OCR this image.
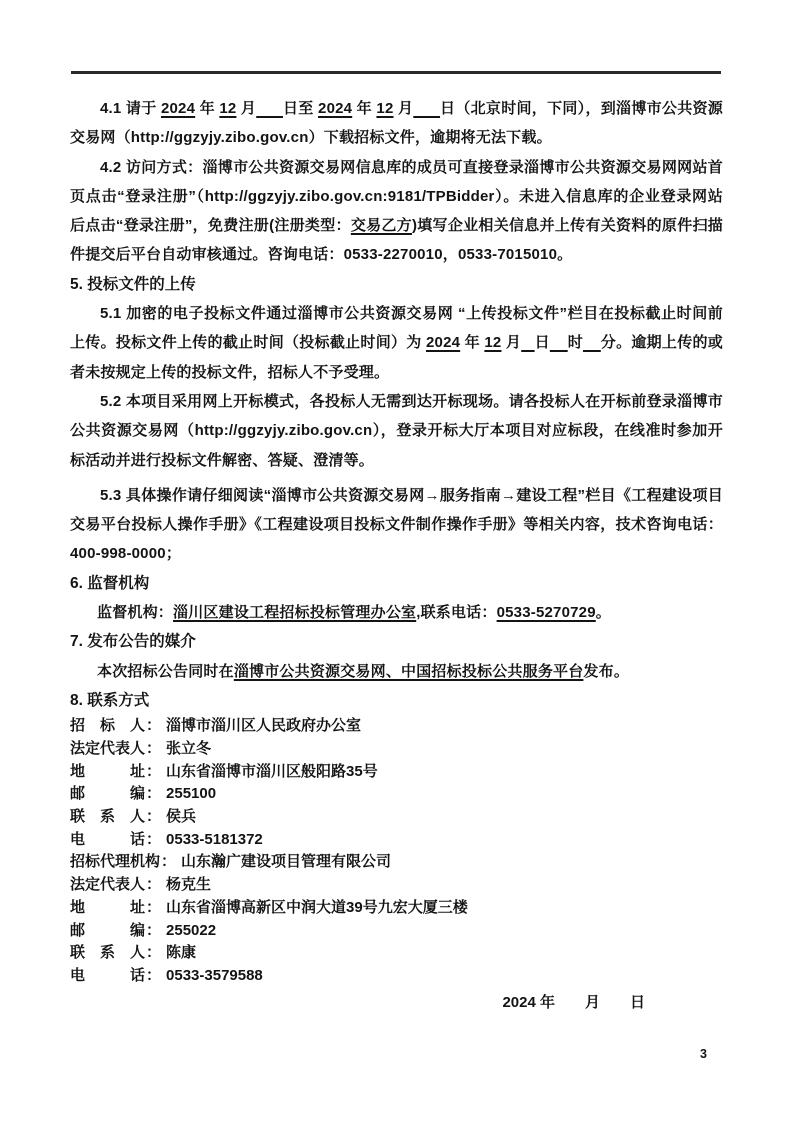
4.1 请于 2024 年 12 月 日至 2024 年 12 月 日（北京时间，下同），到淄博市公共资源交易网（http://ggzyjy.zibo.gov.cn）下载招标文件，逾期将无法下载。

4.2 访问方式：淄博市公共资源交易网信息库的成员可直接登录淄博市公共资源交易网网站首页点击“登录注册”（http://ggzyjy.zibo.gov.cn:9181/TPBidder）。未进入信息库的企业登录网站后点击“登录注册”，免费注册(注册类型：交易乙方)填写企业相关信息并上传有关资料的原件扫描件提交后平台自动审核通过。咨询电话：0533-2270010，0533-7015010。

5. 投标文件的上传

5.1 加密的电子投标文件通过淄博市公共资源交易网 “上传投标文件”栏目在投标截止时间前上传。投标文件上传的截止时间（投标截止时间）为 2024 年 12 月 日 时 分。逾期上传的或者未按规定上传的投标文件，招标人不予受理。

5.2 本项目采用网上开标模式，各投标人无需到达开标现场。请各投标人在开标前登录淄博市公共资源交易网（http://ggzyjy.zibo.gov.cn），登录开标大厅本项目对应标段，在线准时参加开标活动并进行投标文件解密、答疑、澄清等。

5.3 具体操作请仔细阅读“淄博市公共资源交易网→服务指南→建设工程”栏目《工程建设项目交易平台投标人操作手册》《工程建设项目投标文件制作操作手册》等相关内容，技术咨询电话：400-998-0000；

6. 监督机构

监督机构：淄川区建设工程招标投标管理办公室,联系电话：0533-5270729。

7. 发布公告的媒介

本次招标公告同时在淄博市公共资源交易网、中国招标投标公共服务平台发布。

8. 联系方式
招　标　人： 淄博市淄川区人民政府办公室
法定代表人： 张立冬
地　　　址： 山东省淄博市淄川区般阳路35号
邮　　　编： 255100
联　系　人： 侯兵
电　　　话： 0533-5181372
招标代理机构： 山东瀚广建设项目管理有限公司
法定代表人： 杨克生
地　　　址： 山东省淄博高新区中润大道39号九宏大厦三楼
邮　　　编： 255022
联　系　人： 陈康
电　　　话： 0533-3579588
2024 年　　月　　日
3
